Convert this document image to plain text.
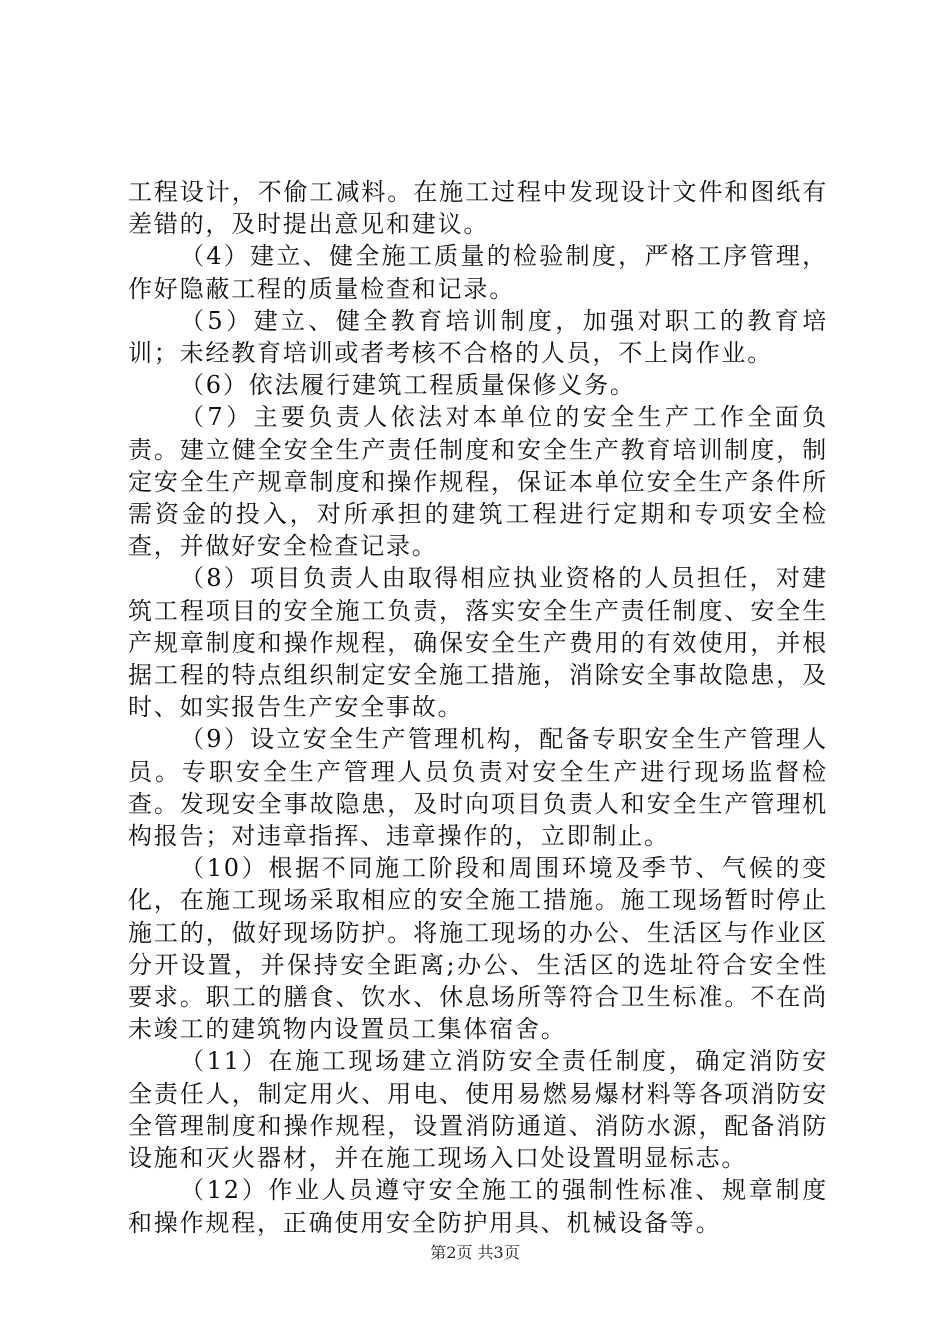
工程设计，不偷工减料。在施工过程中发现设计文件和图纸有差错的，及时提出意见和建议。

（4）建立、健全施工质量的检验制度，严格工序管理，作好隐蔽工程的质量检查和记录。

（5）建立、健全教育培训制度，加强对职工的教育培训；未经教育培训或者考核不合格的人员，不上岗作业。

（6）依法履行建筑工程质量保修义务。

（7）主要负责人依法对本单位的安全生产工作全面负责。建立健全安全生产责任制度和安全生产教育培训制度，制定安全生产规章制度和操作规程，保证本单位安全生产条件所需资金的投入，对所承担的建筑工程进行定期和专项安全检查，并做好安全检查记录。

（8）项目负责人由取得相应执业资格的人员担任，对建筑工程项目的安全施工负责，落实安全生产责任制度、安全生产规章制度和操作规程，确保安全生产费用的有效使用，并根据工程的特点组织制定安全施工措施，消除安全事故隐患，及时、如实报告生产安全事故。

（9）设立安全生产管理机构，配备专职安全生产管理人员。专职安全生产管理人员负责对安全生产进行现场监督检查。发现安全事故隐患，及时向项目负责人和安全生产管理机构报告；对违章指挥、违章操作的，立即制止。

（10）根据不同施工阶段和周围环境及季节、气候的变化，在施工现场采取相应的安全施工措施。施工现场暂时停止施工的，做好现场防护。将施工现场的办公、生活区与作业区分开设置，并保持安全距离;办公、生活区的选址符合安全性要求。职工的膳食、饮水、休息场所等符合卫生标准。不在尚未竣工的建筑物内设置员工集体宿舍。

（11）在施工现场建立消防安全责任制度，确定消防安全责任人，制定用火、用电、使用易燃易爆材料等各项消防安全管理制度和操作规程，设置消防通道、消防水源，配备消防设施和灭火器材，并在施工现场入口处设置明显标志。

（12）作业人员遵守安全施工的强制性标准、规章制度和操作规程，正确使用安全防护用具、机械设备等。

第2页 共3页
